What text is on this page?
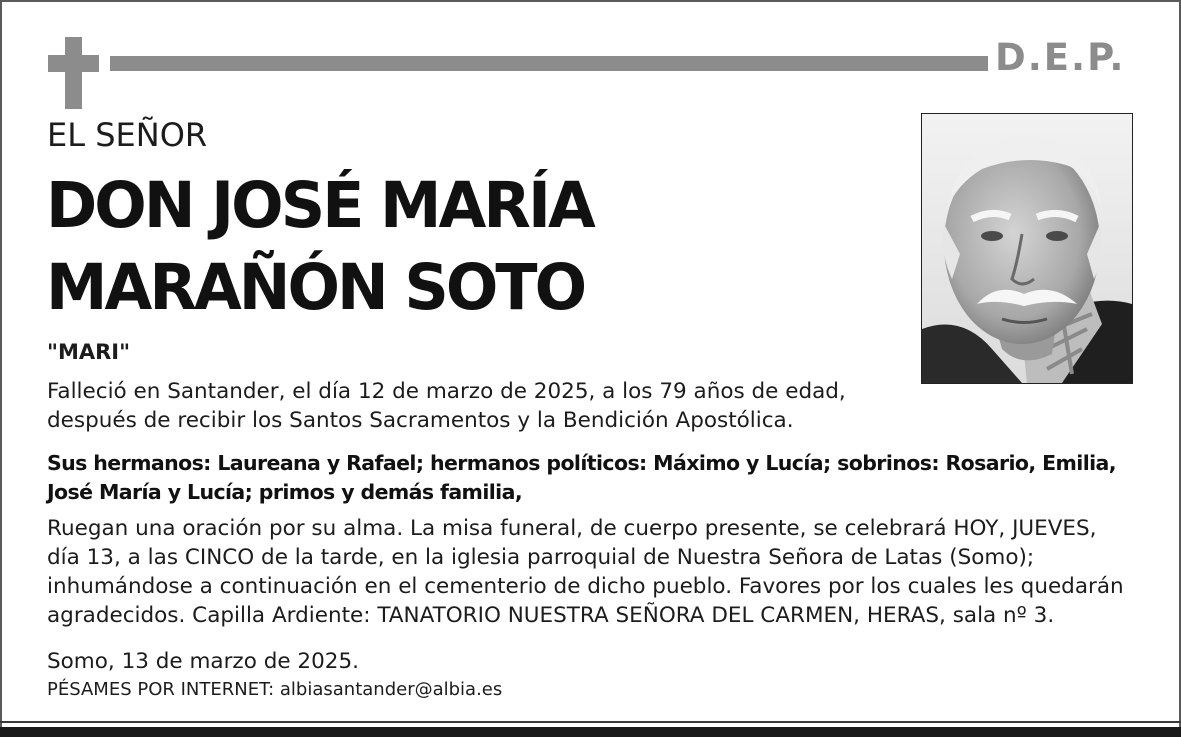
D.E.P.
EL SEÑOR
DON JOSÉ MARÍA
MARAÑÓN SOTO
"MARI"
Falleció en Santander, el día 12 de marzo de 2025, a los 79 años de edad,
después de recibir los Santos Sacramentos y la Bendición Apostólica.
Sus hermanos: Laureana y Rafael; hermanos políticos: Máximo y Lucía; sobrinos: Rosario, Emilia,
José María y Lucía; primos y demás familia,
Ruegan una oración por su alma. La misa funeral, de cuerpo presente, se celebrará HOY, JUEVES,
día 13, a las CINCO de la tarde, en la iglesia parroquial de Nuestra Señora de Latas (Somo);
inhumándose a continuación en el cementerio de dicho pueblo. Favores por los cuales les quedarán
agradecidos. Capilla Ardiente: TANATORIO NUESTRA SEÑORA DEL CARMEN, HERAS, sala nº 3.
Somo, 13 de marzo de 2025.
PÉSAMES POR INTERNET: albiasantander@albia.es
